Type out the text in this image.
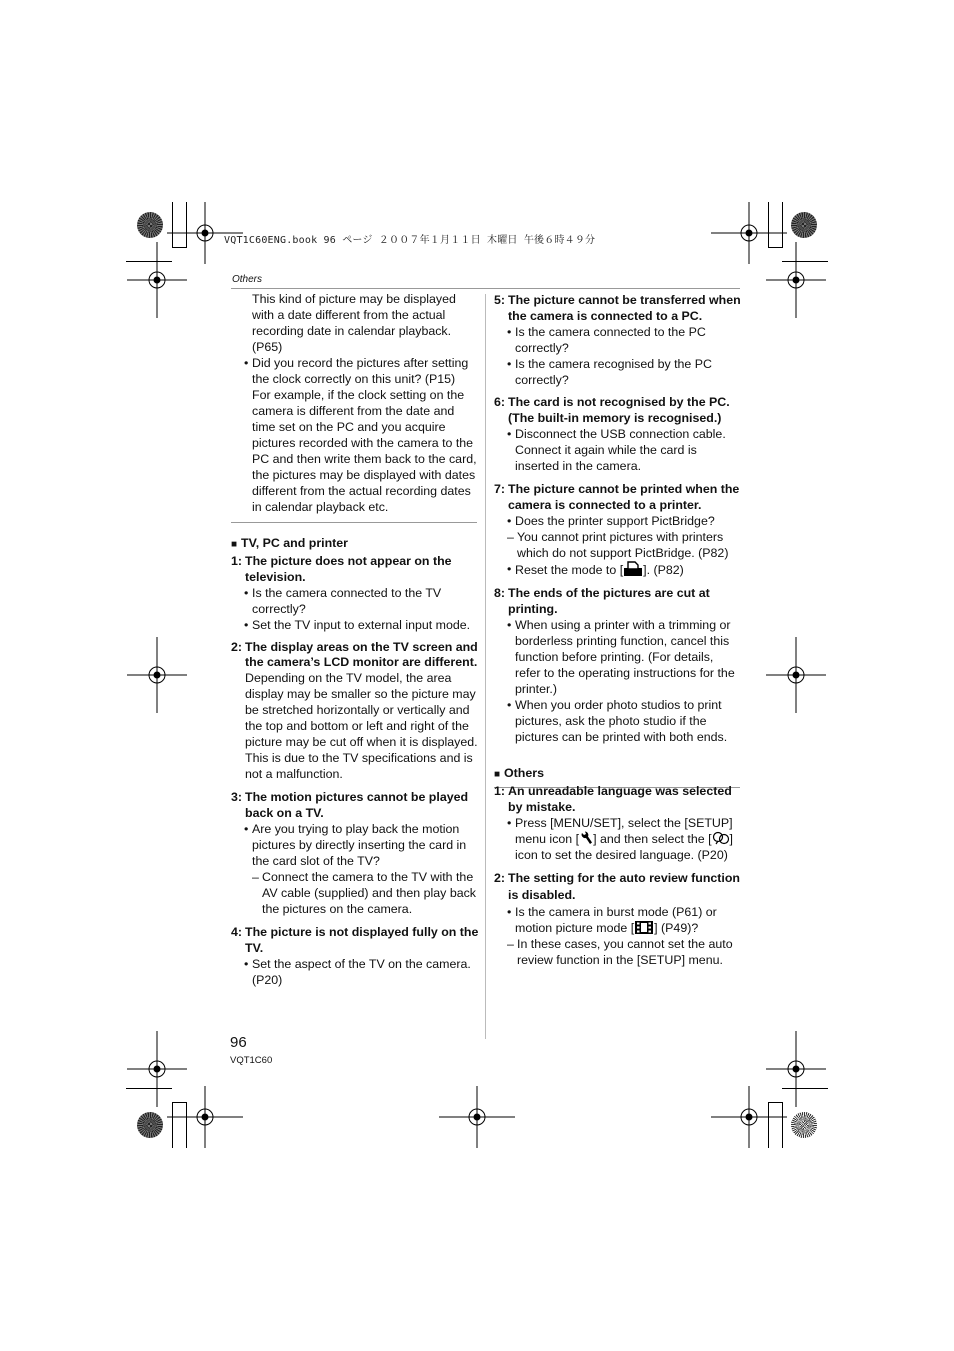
VQT1C60ENG.book 96 ページ ２００７年１月１１日 木曜日 午後６時４９分
Others

This kind of picture may be displayed with a date different from the actual recording date in calendar playback. (P65)

• Did you record the pictures after setting the clock correctly on this unit? (P15)
For example, if the clock setting on the camera is different from the date and time set on the PC and you acquire pictures recorded with the camera to the PC and then write them back to the card, the pictures may be displayed with dates different from the actual recording dates in calendar playback etc.

■ TV, PC and printer

1: The picture does not appear on the television.

• Is the camera connected to the TV correctly?

• Set the TV input to external input mode.

2: The display areas on the TV screen and the camera’s LCD monitor are different.

Depending on the TV model, the area display may be smaller so the picture may be stretched horizontally or vertically and the top and bottom or left and right of the picture may be cut off when it is displayed. This is due to the TV specifications and is not a malfunction.

3: The motion pictures cannot be played back on a TV.

• Are you trying to play back the motion pictures by directly inserting the card in the card slot of the TV?

– Connect the camera to the TV with the AV cable (supplied) and then play back the pictures on the camera.

4: The picture is not displayed fully on the TV.

• Set the aspect of the TV on the camera. (P20)

5: The picture cannot be transferred when the camera is connected to a PC.

• Is the camera connected to the PC correctly?

• Is the camera recognised by the PC correctly?

6: The card is not recognised by the PC. (The built-in memory is recognised.)

• Disconnect the USB connection cable. Connect it again while the card is inserted in the camera.

7: The picture cannot be printed when the camera is connected to a printer.

• Does the printer support PictBridge?

– You cannot print pictures with printers which do not support PictBridge. (P82)

• Reset the mode to [ ]. (P82)

8: The ends of the pictures are cut at printing.

• When using a printer with a trimming or borderless printing function, cancel this function before printing. (For details, refer to the operating instructions for the printer.)

• When you order photo studios to print pictures, ask the photo studio if the pictures can be printed with both ends.

■ Others

1: An unreadable language was selected by mistake.

• Press [MENU/SET], select the [SETUP] menu icon [ ] and then select the [ ] icon to set the desired language. (P20)

2: The setting for the auto review function is disabled.

• Is the camera in burst mode (P61) or motion picture mode [ ] (P49)?

– In these cases, you cannot set the auto review function in the [SETUP] menu.

96
VQT1C60
